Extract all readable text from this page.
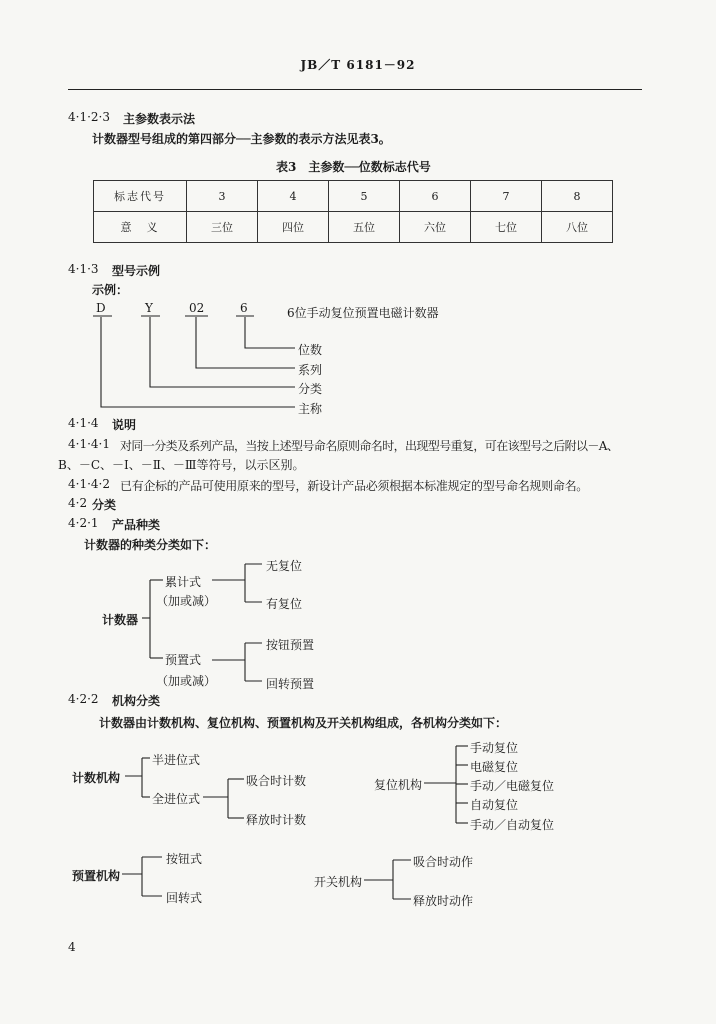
JB／T 6181－92
4·1·2·3 主参数表示法
计数器型号组成的第四部分──主参数的表示方法见表3。
表3　主参数──位数标志代号
标志代号	3	4	5	6	7	8
意　义	三位	四位	五位	六位	七位	八位
4·1·3 型号示例
示例：
D	Y	02	6	6位手动复位预置电磁计数器
位数
系列
分类
主称
4·1·4 说明
4·1·4·1 对同一分类及系列产品，当按上述型号命名原则命名时，出现型号重复，可在该型号之后附以－A、
B、－C、－Ⅰ、－Ⅱ、－Ⅲ等符号，以示区别。
4·1·4·2 已有企标的产品可使用原来的型号，新设计产品必须根据本标准规定的型号命名规则命名。
4·2 分类
4·2·1 产品种类
计数器的种类分类如下：
计数器
累计式
（加或减）
无复位
有复位
预置式
（加或减）
按钮预置
回转预置
4·2·2 机构分类
计数器由计数机构、复位机构、预置机构及开关机构组成，各机构分类如下：
计数机构
半进位式
全进位式
吸合时计数
释放时计数
复位机构
手动复位
电磁复位
手动／电磁复位
自动复位
手动／自动复位
预置机构
按钮式
回转式
开关机构
吸合时动作
释放时动作
4
